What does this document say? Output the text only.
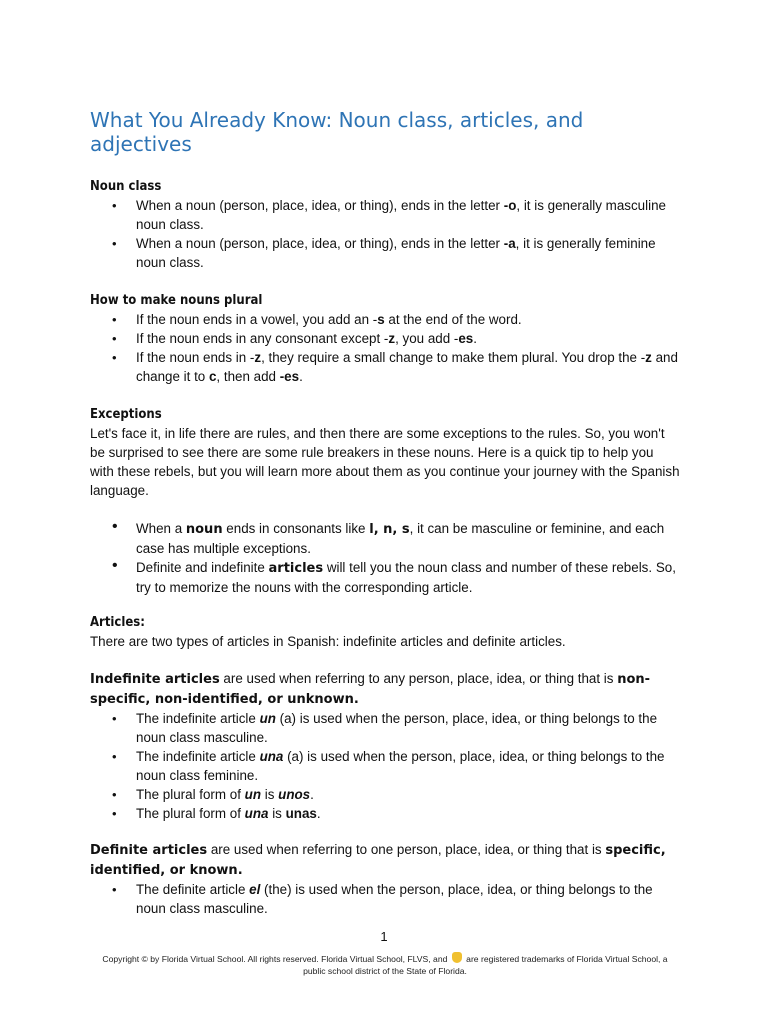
What You Already Know: Noun class, articles, and adjectives

Noun class

• When a noun (person, place, idea, or thing), ends in the letter -o, it is generally masculine noun class.
• When a noun (person, place, idea, or thing), ends in the letter -a, it is generally feminine noun class.

How to make nouns plural

• If the noun ends in a vowel, you add an -s at the end of the word.
• If the noun ends in any consonant except -z, you add -es.
• If the noun ends in -z, they require a small change to make them plural. You drop the -z and change it to c, then add -es.

Exceptions

Let's face it, in life there are rules, and then there are some exceptions to the rules. So, you won't be surprised to see there are some rule breakers in these nouns. Here is a quick tip to help you with these rebels, but you will learn more about them as you continue your journey with the Spanish language.

• When a noun ends in consonants like l, n, s, it can be masculine or feminine, and each case has multiple exceptions.
• Definite and indefinite articles will tell you the noun class and number of these rebels. So, try to memorize the nouns with the corresponding article.

Articles:

There are two types of articles in Spanish: indefinite articles and definite articles.

Indefinite articles are used when referring to any person, place, idea, or thing that is non-specific, non-identified, or unknown.

• The indefinite article un (a) is used when the person, place, idea, or thing belongs to the noun class masculine.
• The indefinite article una (a) is used when the person, place, idea, or thing belongs to the noun class feminine.
• The plural form of un is unos.
• The plural form of una is unas.

Definite articles are used when referring to one person, place, idea, or thing that is specific, identified, or known.

• The definite article el (the) is used when the person, place, idea, or thing belongs to the noun class masculine.
1
Copyright © by Florida Virtual School. All rights reserved. Florida Virtual School, FLVS, and  are registered trademarks of Florida Virtual School, a public school district of the State of Florida.
